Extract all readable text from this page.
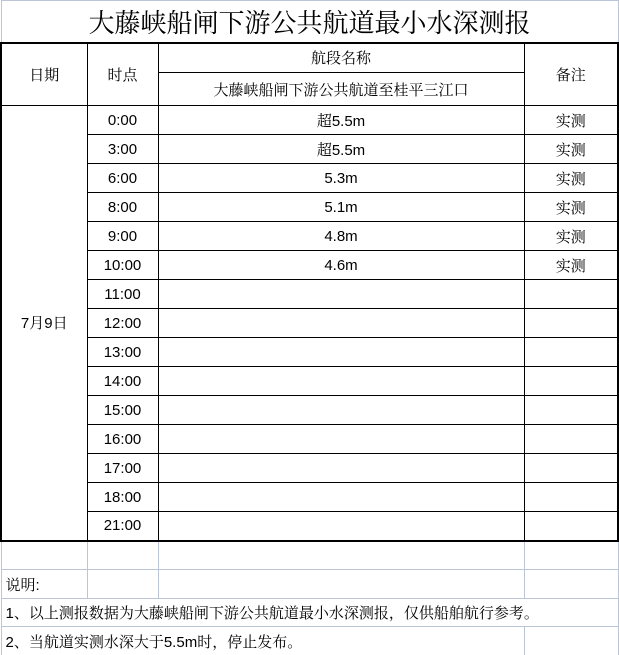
大藤峡船闸下游公共航道最小水深测报			
日期	时点	航段名称	备注
		大藤峡船闸下游公共航道至桂平三江口	
7月9日	0:00	超5.5m	实测
	3:00	超5.5m	实测
	6:00	5.3m	实测
	8:00	5.1m	实测
	9:00	4.8m	实测
	10:00	4.6m	实测
	11:00		
	12:00		
	13:00		
	14:00		
	15:00		
	16:00		
	17:00		
	18:00		
	21:00		

说明:			
1、以上测报数据为大藤峡船闸下游公共航道最小水深测报，仅供船舶航行参考。			
2、当航道实测水深大于5.5m时，停止发布。			
